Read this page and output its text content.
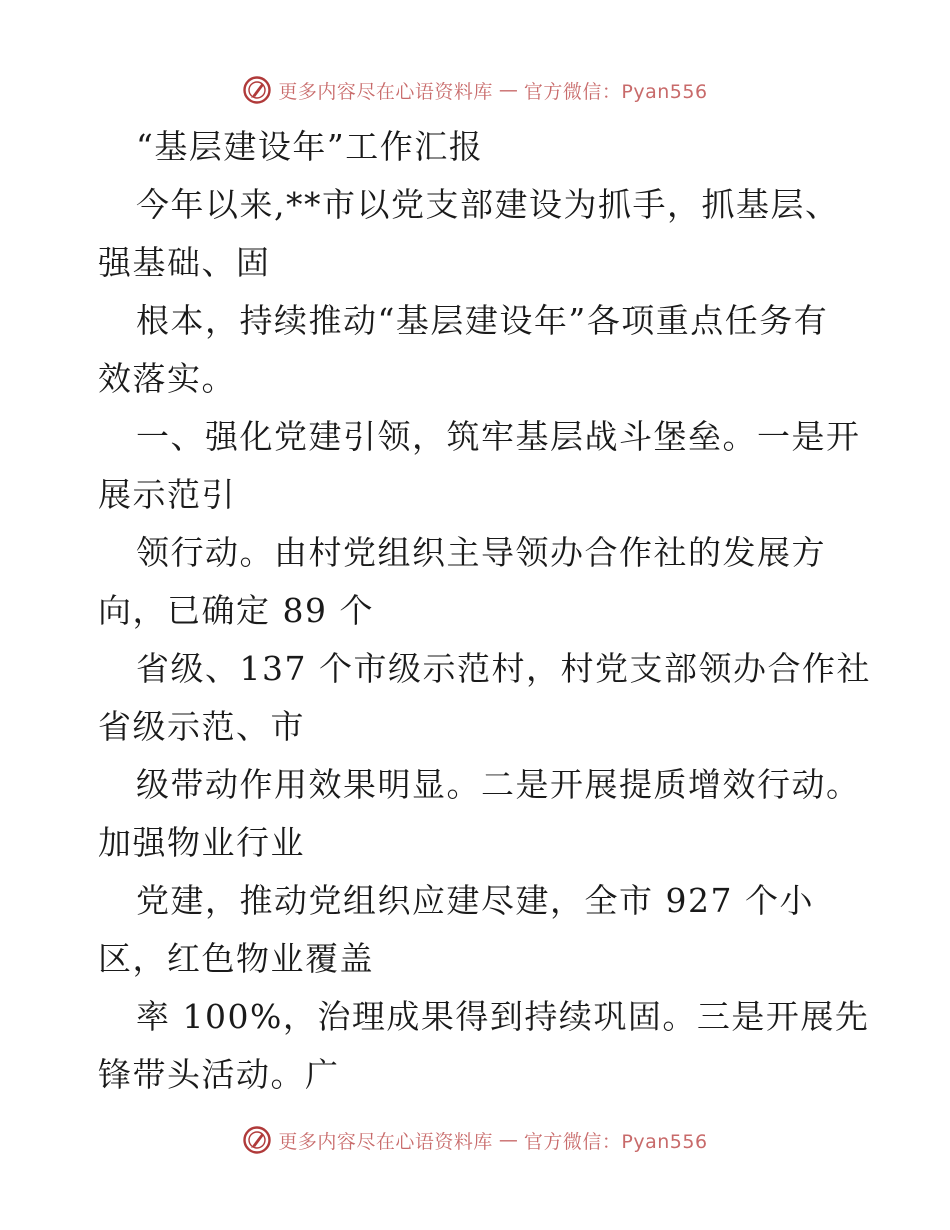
更多内容尽在心语资料库 — 官方微信：Pyan556
“基层建设年”工作汇报
今年以来,**市以党支部建设为抓手，抓基层、
强基础、固
根本，持续推动“基层建设年”各项重点任务有
效落实。
一、强化党建引领，筑牢基层战斗堡垒。一是开
展示范引
领行动。由村党组织主导领办合作社的发展方
向，已确定 89 个
省级、137 个市级示范村，村党支部领办合作社
省级示范、市
级带动作用效果明显。二是开展提质增效行动。
加强物业行业
党建，推动党组织应建尽建，全市 927 个小
区，红色物业覆盖
率 100%，治理成果得到持续巩固。三是开展先
锋带头活动。广
更多内容尽在心语资料库 — 官方微信：Pyan556
